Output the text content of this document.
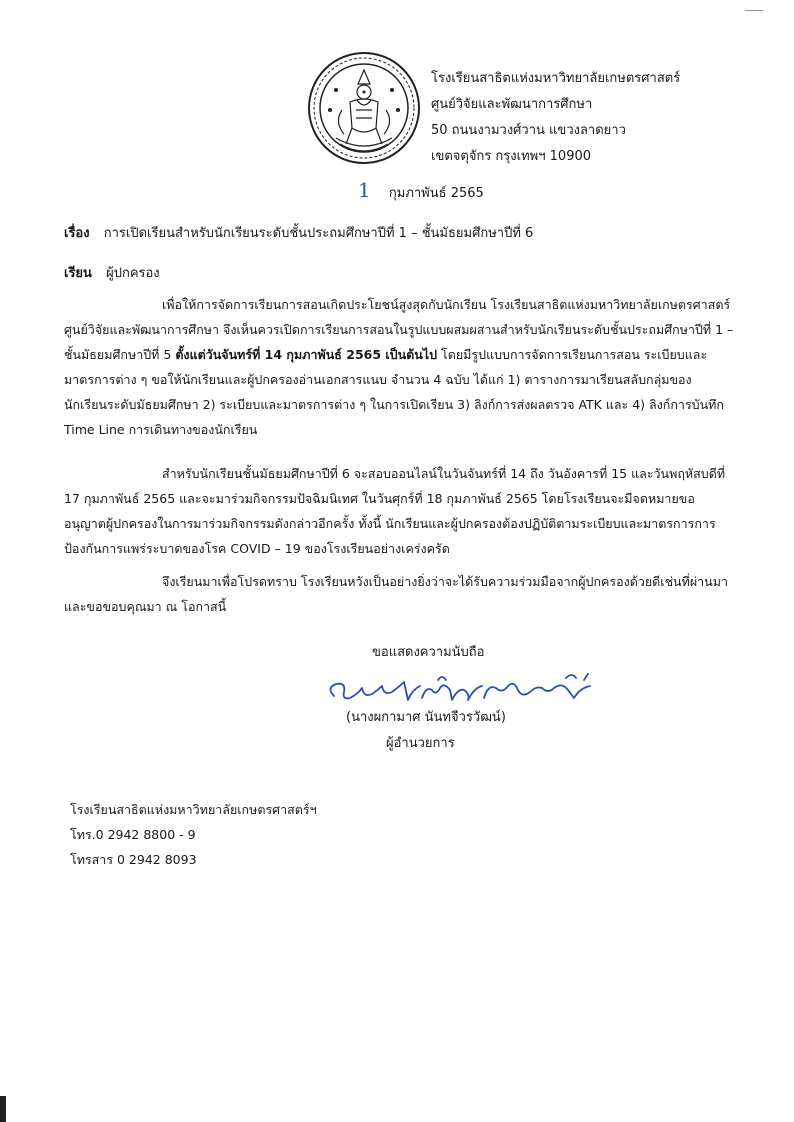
โรงเรียนสาธิตแห่งมหาวิทยาลัยเกษตรศาสตร์
ศูนย์วิจัยและพัฒนาการศึกษา
50 ถนนงามวงศ์วาน แขวงลาดยาว
เขตจตุจักร กรุงเทพฯ 10900
1 กุมภาพันธ์ 2565
เรื่อง การเปิดเรียนสำหรับนักเรียนระดับชั้นประถมศึกษาปีที่ 1 – ชั้นมัธยมศึกษาปีที่ 6
เรียน ผู้ปกครอง
เพื่อให้การจัดการเรียนการสอนเกิดประโยชน์สูงสุดกับนักเรียน โรงเรียนสาธิตแห่งมหาวิทยาลัยเกษตรศาสตร์ ศูนย์วิจัยและพัฒนาการศึกษา จึงเห็นควรเปิดการเรียนการสอนในรูปแบบผสมผสานสำหรับนักเรียนระดับชั้นประถมศึกษาปีที่ 1 – ชั้นมัธยมศึกษาปีที่ 5 ตั้งแต่วันจันทร์ที่ 14 กุมภาพันธ์ 2565 เป็นต้นไป โดยมีรูปแบบการจัดการเรียนการสอน ระเบียบและมาตรการต่าง ๆ ขอให้นักเรียนและผู้ปกครองอ่านเอกสารแนบ จำนวน 4 ฉบับ ได้แก่ 1) ตารางการมาเรียนสลับกลุ่มของนักเรียนระดับมัธยมศึกษา 2) ระเบียบและมาตรการต่าง ๆ ในการเปิดเรียน 3) ลิงก์การส่งผลตรวจ ATK และ 4) ลิงก์การบันทึก Time Line การเดินทางของนักเรียน
สำหรับนักเรียนชั้นมัธยมศึกษาปีที่ 6 จะสอบออนไลน์ในวันจันทร์ที่ 14 ถึง วันอังคารที่ 15 และวันพฤหัสบดีที่ 17 กุมภาพันธ์ 2565 และจะมาร่วมกิจกรรมปัจฉิมนิเทศ ในวันศุกร์ที่ 18 กุมภาพันธ์ 2565 โดยโรงเรียนจะมีจดหมายขออนุญาตผู้ปกครองในการมาร่วมกิจกรรมดังกล่าวอีกครั้ง ทั้งนี้ นักเรียนและผู้ปกครองต้องปฏิบัติตามระเบียบและมาตรการการป้องกันการแพร่ระบาดของโรค COVID – 19 ของโรงเรียนอย่างเคร่งครัด
จึงเรียนมาเพื่อโปรดทราบ โรงเรียนหวังเป็นอย่างยิ่งว่าจะได้รับความร่วมมือจากผู้ปกครองด้วยดีเช่นที่ผ่านมา และขอขอบคุณมา ณ โอกาสนี้
ขอแสดงความนับถือ
(นางผกามาศ นันทจีวรวัฒน์)
ผู้อำนวยการ
โรงเรียนสาธิตแห่งมหาวิทยาลัยเกษตรศาสตร์ฯ
โทร.0 2942 8800 - 9
โทรสาร 0 2942 8093
